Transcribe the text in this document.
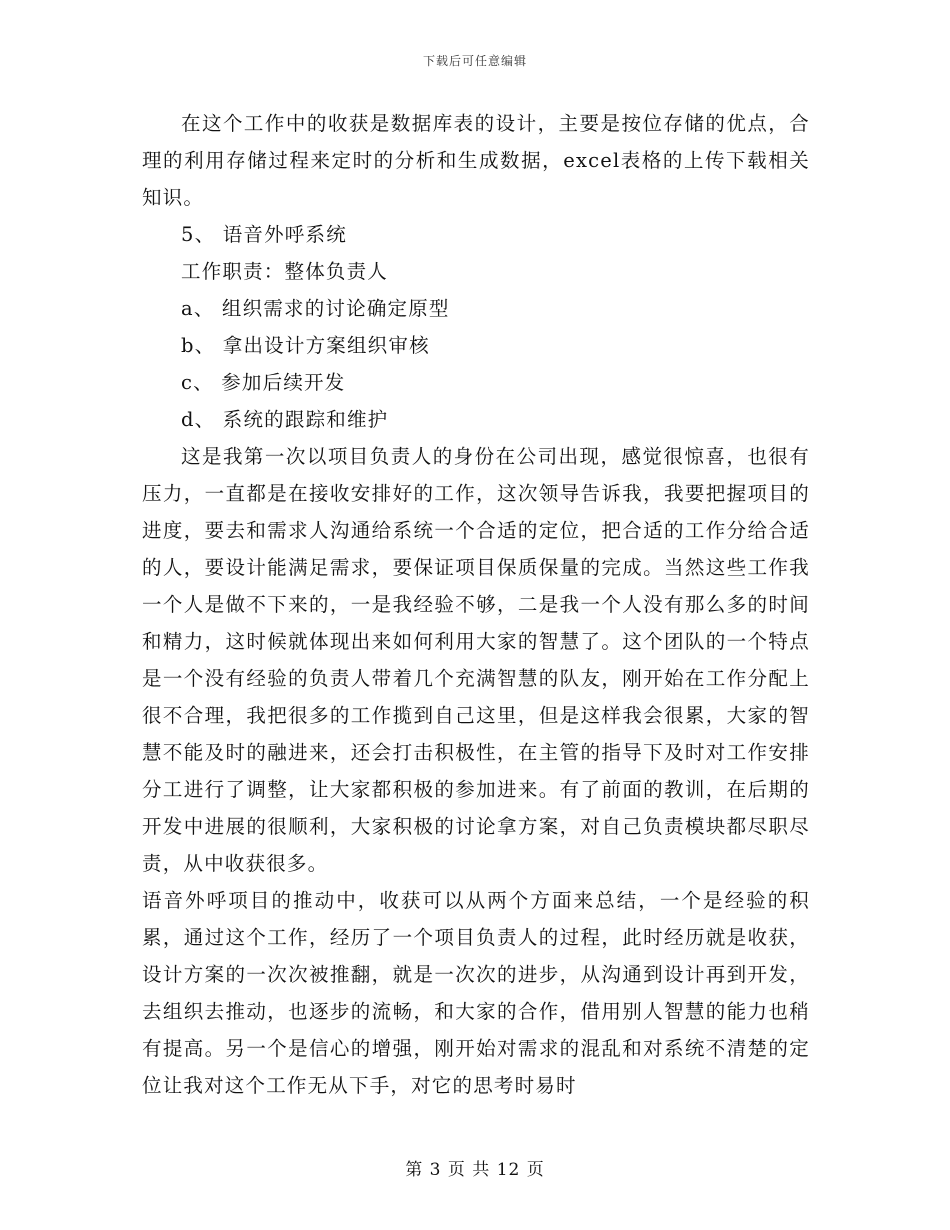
下载后可任意编辑

在这个工作中的收获是数据库表的设计，主要是按位存储的优点，合理的利用存储过程来定时的分析和生成数据，excel表格的上传下载相关知识。

5、 语音外呼系统

工作职责：整体负责人

a、 组织需求的讨论确定原型

b、 拿出设计方案组织审核

c、 参加后续开发

d、 系统的跟踪和维护

这是我第一次以项目负责人的身份在公司出现，感觉很惊喜，也很有压力，一直都是在接收安排好的工作，这次领导告诉我，我要把握项目的进度，要去和需求人沟通给系统一个合适的定位，把合适的工作分给合适的人，要设计能满足需求，要保证项目保质保量的完成。当然这些工作我一个人是做不下来的，一是我经验不够，二是我一个人没有那么多的时间和精力，这时候就体现出来如何利用大家的智慧了。这个团队的一个特点是一个没有经验的负责人带着几个充满智慧的队友，刚开始在工作分配上很不合理，我把很多的工作揽到自己这里，但是这样我会很累，大家的智慧不能及时的融进来，还会打击积极性，在主管的指导下及时对工作安排分工进行了调整，让大家都积极的参加进来。有了前面的教训，在后期的开发中进展的很顺利，大家积极的讨论拿方案，对自己负责模块都尽职尽责，从中收获很多。

语音外呼项目的推动中，收获可以从两个方面来总结，一个是经验的积累，通过这个工作，经历了一个项目负责人的过程，此时经历就是收获，设计方案的一次次被推翻，就是一次次的进步，从沟通到设计再到开发，去组织去推动，也逐步的流畅，和大家的合作，借用别人智慧的能力也稍有提高。另一个是信心的增强，刚开始对需求的混乱和对系统不清楚的定位让我对这个工作无从下手，对它的思考时易时

第 3 页 共 12 页
